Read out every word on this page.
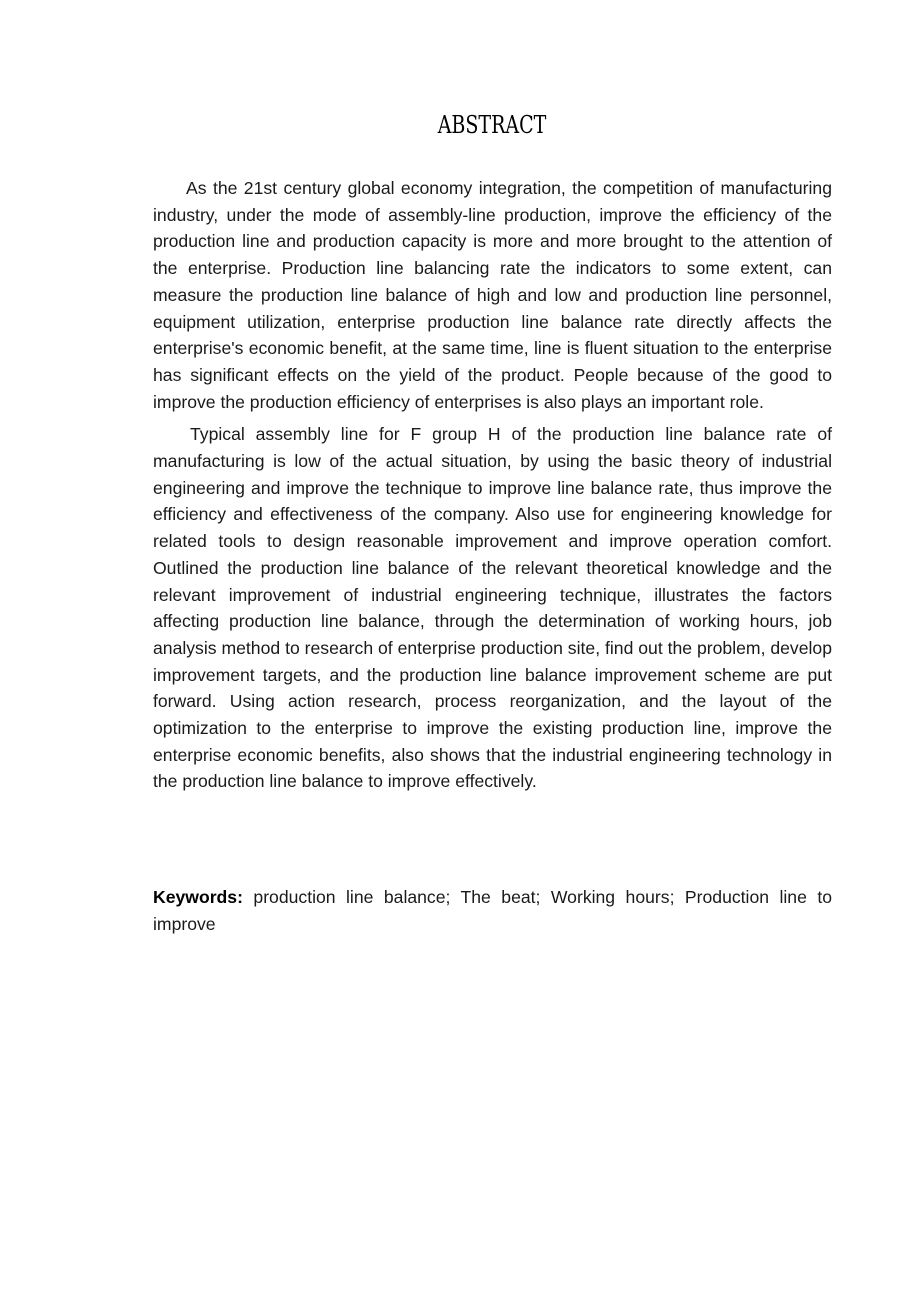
ABSTRACT

As the 21st century global economy integration, the competition of manufacturing industry, under the mode of assembly-line production, improve the efficiency of the production line and production capacity is more and more brought to the attention of the enterprise. Production line balancing rate the indicators to some extent, can measure the production line balance of high and low and production line personnel, equipment utilization, enterprise production line balance rate directly affects the enterprise's economic benefit, at the same time, line is fluent situation to the enterprise has significant effects on the yield of the product. People because of the good to improve the production efficiency of enterprises is also plays an important role.

Typical assembly line for F group H of the production line balance rate of manufacturing is low of the actual situation, by using the basic theory of industrial engineering and improve the technique to improve line balance rate, thus improve the efficiency and effectiveness of the company. Also use for engineering knowledge for related tools to design reasonable improvement and improve operation comfort. Outlined the production line balance of the relevant theoretical knowledge and the relevant improvement of industrial engineering technique, illustrates the factors affecting production line balance, through the determination of working hours, job analysis method to research of enterprise production site, find out the problem, develop improvement targets, and the production line balance improvement scheme are put forward. Using action research, process reorganization, and the layout of the optimization to the enterprise to improve the existing production line, improve the enterprise economic benefits, also shows that the industrial engineering technology in the production line balance to improve effectively.

Keywords: production line balance; The beat; Working hours; Production line to improve
